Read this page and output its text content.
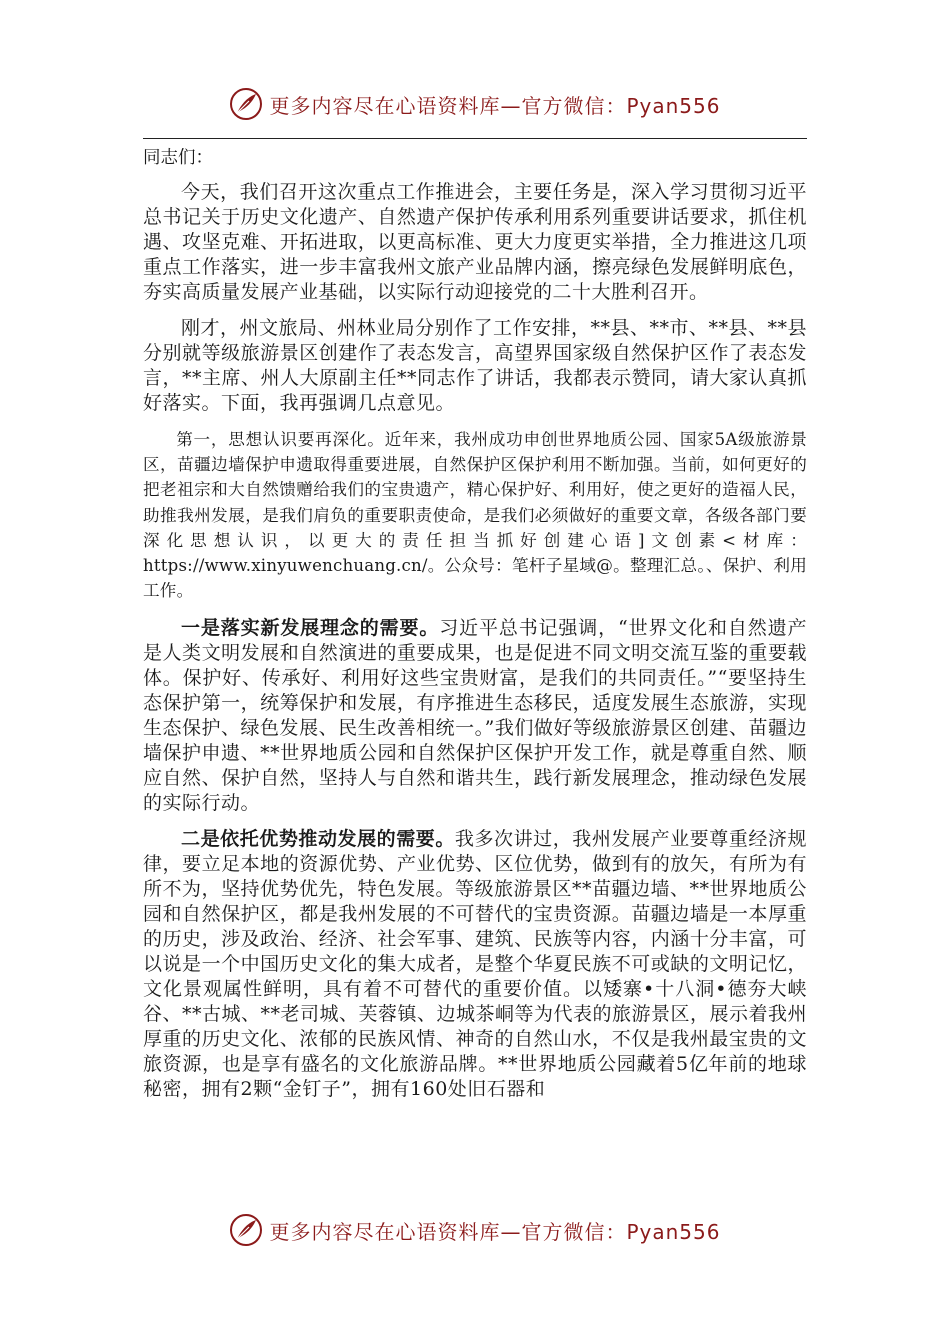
更多内容尽在心语资料库—官方微信：Pyan556
同志们：

今天，我们召开这次重点工作推进会，主要任务是，深入学习贯彻习近平总书记关于历史文化遗产、自然遗产保护传承利用系列重要讲话要求，抓住机遇、攻坚克难、开拓进取，以更高标准、更大力度更实举措，全力推进这几项重点工作落实，进一步丰富我州文旅产业品牌内涵，擦亮绿色发展鲜明底色，夯实高质量发展产业基础，以实际行动迎接党的二十大胜利召开。

刚才，州文旅局、州林业局分别作了工作安排，**县、**市、**县、**县分别就等级旅游景区创建作了表态发言，高望界国家级自然保护区作了表态发言，**主席、州人大原副主任**同志作了讲话，我都表示赞同，请大家认真抓好落实。下面，我再强调几点意见。

第一，思想认识要再深化。近年来，我州成功申创世界地质公园、国家5A级旅游景区，苗疆边墙保护申遗取得重要进展，自然保护区保护利用不断加强。当前，如何更好的把老祖宗和大自然馈赠给我们的宝贵遗产，精心保护好、利用好，使之更好的造福人民，助推我州发展，是我们肩负的重要职责使命，是我们必须做好的重要文章，各级各部门要深化思想认识，以更大的责任担当抓好创建心语]文创素<材库：https://www.xinyuwenchuang.cn/。公众号：笔杆子星域@。整理汇总。、保护、利用工作。

一是落实新发展理念的需要。习近平总书记强调，“世界文化和自然遗产是人类文明发展和自然演进的重要成果，也是促进不同文明交流互鉴的重要载体。保护好、传承好、利用好这些宝贵财富，是我们的共同责任。”“要坚持生态保护第一，统筹保护和发展，有序推进生态移民，适度发展生态旅游，实现生态保护、绿色发展、民生改善相统一。”我们做好等级旅游景区创建、苗疆边墙保护申遗、**世界地质公园和自然保护区保护开发工作，就是尊重自然、顺应自然、保护自然，坚持人与自然和谐共生，践行新发展理念，推动绿色发展的实际行动。

二是依托优势推动发展的需要。我多次讲过，我州发展产业要尊重经济规律，要立足本地的资源优势、产业优势、区位优势，做到有的放矢，有所为有所不为，坚持优势优先，特色发展。等级旅游景区**苗疆边墙、**世界地质公园和自然保护区，都是我州发展的不可替代的宝贵资源。苗疆边墙是一本厚重的历史，涉及政治、经济、社会军事、建筑、民族等内容，内涵十分丰富，可以说是一个中国历史文化的集大成者，是整个华夏民族不可或缺的文明记忆，文化景观属性鲜明，具有着不可替代的重要价值。以矮寨•十八洞•德夯大峡谷、**古城、**老司城、芙蓉镇、边城茶峒等为代表的旅游景区，展示着我州厚重的历史文化、浓郁的民族风情、神奇的自然山水，不仅是我州最宝贵的文旅资源，也是享有盛名的文化旅游品牌。**世界地质公园藏着5亿年前的地球秘密，拥有2颗“金钉子”，拥有160处旧石器和

更多内容尽在心语资料库—官方微信：Pyan556
